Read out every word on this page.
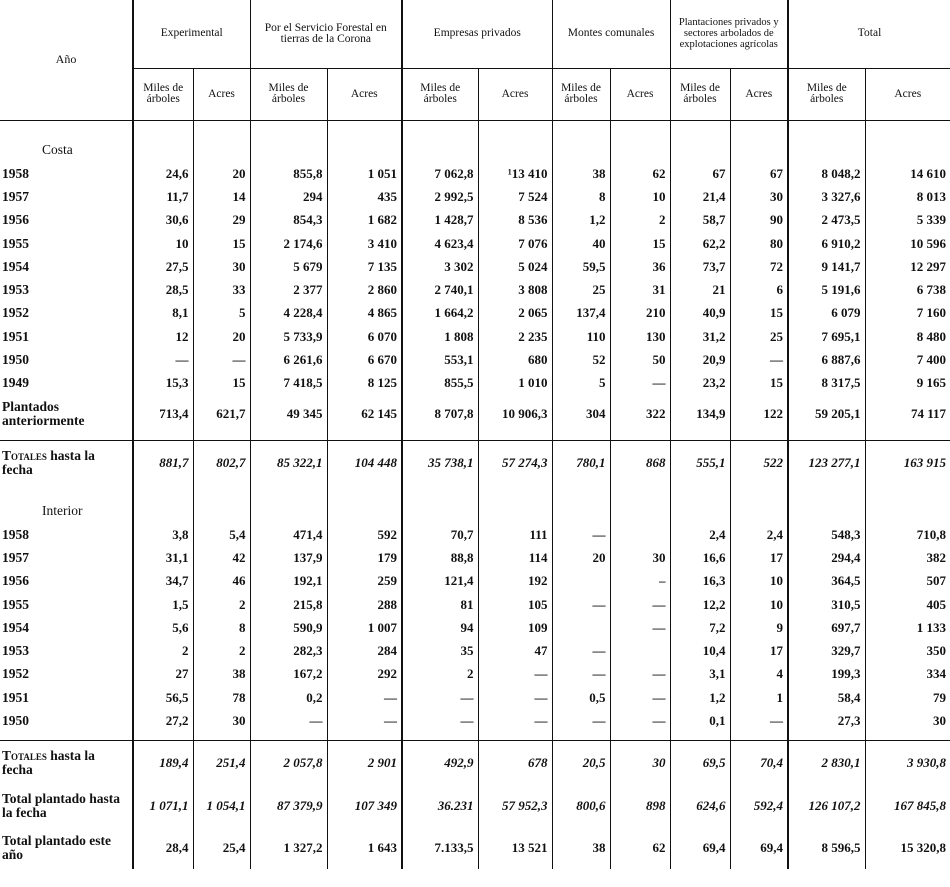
Año	Experimental		Por el Servicio Forestal en tierras de la Corona		Empresas privados		Montes comunales		Plantaciones privados y sectores arbolados de explotaciones agrícolas		Total	
	Miles de árboles	Acres	Miles de árboles	Acres	Miles de árboles	Acres	Miles de árboles	Acres	Miles de árboles	Acres	Miles de árboles	Acres

Costa												
1958	24,6	20	855,8	1 051	7 062,8	¹13 410	38	62	67	67	8 048,2	14 610
1957	11,7	14	294	435	2 992,5	7 524	8	10	21,4	30	3 327,6	8 013
1956	30,6	29	854,3	1 682	1 428,7	8 536	1,2	2	58,7	90	2 473,5	5 339
1955	10	15	2 174,6	3 410	4 623,4	7 076	40	15	62,2	80	6 910,2	10 596
1954	27,5	30	5 679	7 135	3 302	5 024	59,5	36	73,7	72	9 141,7	12 297
1953	28,5	33	2 377	2 860	2 740,1	3 808	25	31	21	6	5 191,6	6 738
1952	8,1	5	4 228,4	4 865	1 664,2	2 065	137,4	210	40,9	15	6 079	7 160
1951	12	20	5 733,9	6 070	1 808	2 235	110	130	31,2	25	7 695,1	8 480
1950	—	—	6 261,6	6 670	553,1	680	52	50	20,9	—	6 887,6	7 400
1949	15,3	15	7 418,5	8 125	855,5	1 010	5	—	23,2	15	8 317,5	9 165
Plantados anteriormente	713,4	621,7	49 345	62 145	8 707,8	10 906,3	304	322	134,9	122	59 205,1	74 117

Totales hasta la fecha	881,7	802,7	85 322,1	104 448	35 738,1	57 274,3	780,1	868	555,1	522	123 277,1	163 915

Interior												
1958	3,8	5,4	471,4	592	70,7	111	—		2,4	2,4	548,3	710,8
1957	31,1	42	137,9	179	88,8	114	20	30	16,6	17	294,4	382
1956	34,7	46	192,1	259	121,4	192		–	16,3	10	364,5	507
1955	1,5	2	215,8	288	81	105	—	—	12,2	10	310,5	405
1954	5,6	8	590,9	1 007	94	109		—	7,2	9	697,7	1 133
1953	2	2	282,3	284	35	47	—		10,4	17	329,7	350
1952	27	38	167,2	292	2	—	—	—	3,1	4	199,3	334
1951	56,5	78	0,2	—	—	—	0,5	—	1,2	1	58,4	79
1950	27,2	30	—	—	—	—	—	—	0,1	—	27,3	30

Totales hasta la fecha	189,4	251,4	2 057,8	2 901	492,9	678	20,5	30	69,5	70,4	2 830,1	3 930,8
Total plantado hasta la fecha	1 071,1	1 054,1	87 379,9	107 349	36.231	57 952,3	800,6	898	624,6	592,4	126 107,2	167 845,8
Total plantado este año	28,4	25,4	1 327,2	1 643	7.133,5	13 521	38	62	69,4	69,4	8 596,5	15 320,8
